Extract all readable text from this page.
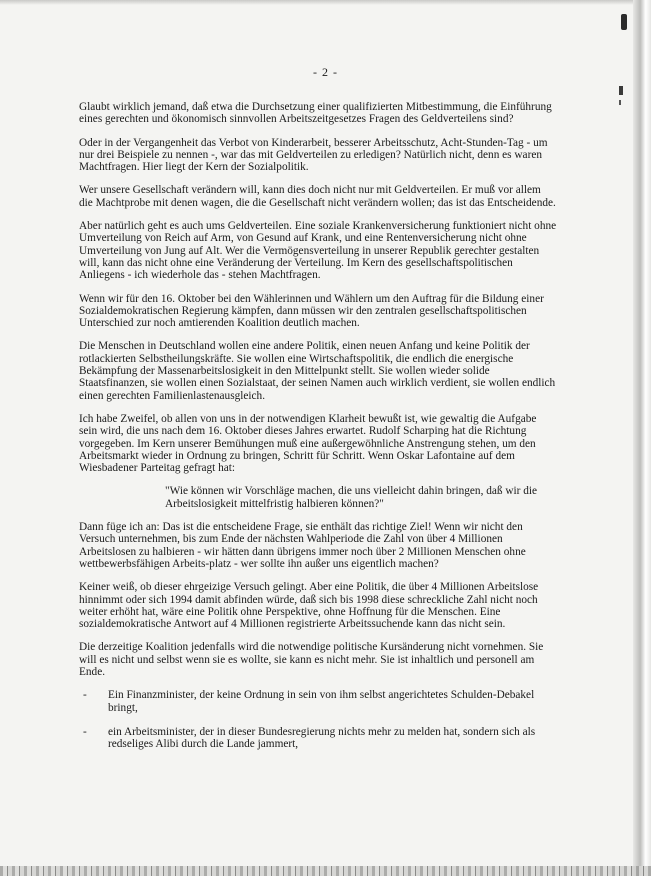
- 2 -

Glaubt wirklich jemand, daß etwa die Durchsetzung einer qualifizierten Mitbestimmung, die Einführung eines gerechten und ökonomisch sinnvollen Arbeitszeitgesetzes Fragen des Geldverteilens sind?

Oder in der Vergangenheit das Verbot von Kinderarbeit, besserer Arbeitsschutz, Acht-Stunden-Tag - um nur drei Beispiele zu nennen -, war das mit Geldverteilen zu erledigen? Natürlich nicht, denn es waren Machtfragen. Hier liegt der Kern der Sozialpolitik.

Wer unsere Gesellschaft verändern will, kann dies doch nicht nur mit Geldverteilen. Er muß vor allem die Machtprobe mit denen wagen, die die Gesellschaft nicht verändern wollen; das ist das Entscheidende.

Aber natürlich geht es auch ums Geldverteilen. Eine soziale Krankenversicherung funktioniert nicht ohne Umverteilung von Reich auf Arm, von Gesund auf Krank, und eine Rentenversicherung nicht ohne Umverteilung von Jung auf Alt. Wer die Vermögensverteilung in unserer Republik gerechter gestalten will, kann das nicht ohne eine Veränderung der Verteilung. Im Kern des gesellschaftspolitischen Anliegens - ich wiederhole das - stehen Machtfragen.

Wenn wir für den 16. Oktober bei den Wählerinnen und Wählern um den Auftrag für die Bildung einer Sozialdemokratischen Regierung kämpfen, dann müssen wir den zentralen gesellschaftspolitischen Unterschied zur noch amtierenden Koalition deutlich machen.

Die Menschen in Deutschland wollen eine andere Politik, einen neuen Anfang und keine Politik der rotlackierten Selbstheilungskräfte. Sie wollen eine Wirtschaftspolitik, die endlich die energische Bekämpfung der Massenarbeitslosigkeit in den Mittelpunkt stellt. Sie wollen wieder solide Staatsfinanzen, sie wollen einen Sozialstaat, der seinen Namen auch wirklich verdient, sie wollen endlich einen gerechten Familienlastenausgleich.

Ich habe Zweifel, ob allen von uns in der notwendigen Klarheit bewußt ist, wie gewaltig die Aufgabe sein wird, die uns nach dem 16. Oktober dieses Jahres erwartet. Rudolf Scharping hat die Richtung vorgegeben. Im Kern unserer Bemühungen muß eine außergewöhnliche Anstrengung stehen, um den Arbeitsmarkt wieder in Ordnung zu bringen, Schritt für Schritt. Wenn Oskar Lafontaine auf dem Wiesbadener Parteitag gefragt hat:

"Wie können wir Vorschläge machen, die uns vielleicht dahin bringen, daß wir die Arbeitslosigkeit mittelfristig halbieren können?"

Dann füge ich an: Das ist die entscheidene Frage, sie enthält das richtige Ziel! Wenn wir nicht den Versuch unternehmen, bis zum Ende der nächsten Wahlperiode die Zahl von über 4 Millionen Arbeitslosen zu halbieren - wir hätten dann übrigens immer noch über 2 Millionen Menschen ohne wettbewerbsfähigen Arbeits-platz - wer sollte ihn außer uns eigentlich machen?

Keiner weiß, ob dieser ehrgeizige Versuch gelingt. Aber eine Politik, die über 4 Millionen Arbeitslose hinnimmt oder sich 1994 damit abfinden würde, daß sich bis 1998 diese schreckliche Zahl nicht noch weiter erhöht hat, wäre eine Politik ohne Perspektive, ohne Hoffnung für die Menschen. Eine sozialdemokratische Antwort auf 4 Millionen registrierte Arbeitssuchende kann das nicht sein.

Die derzeitige Koalition jedenfalls wird die notwendige politische Kursänderung nicht vornehmen. Sie will es nicht und selbst wenn sie es wollte, sie kann es nicht mehr. Sie ist inhaltlich und personell am Ende.

-	Ein Finanzminister, der keine Ordnung in sein von ihm selbst angerichtetes Schulden-Debakel bringt,
-	ein Arbeitsminister, der in dieser Bundesregierung nichts mehr zu melden hat, sondern sich als redseliges Alibi durch die Lande jammert,
